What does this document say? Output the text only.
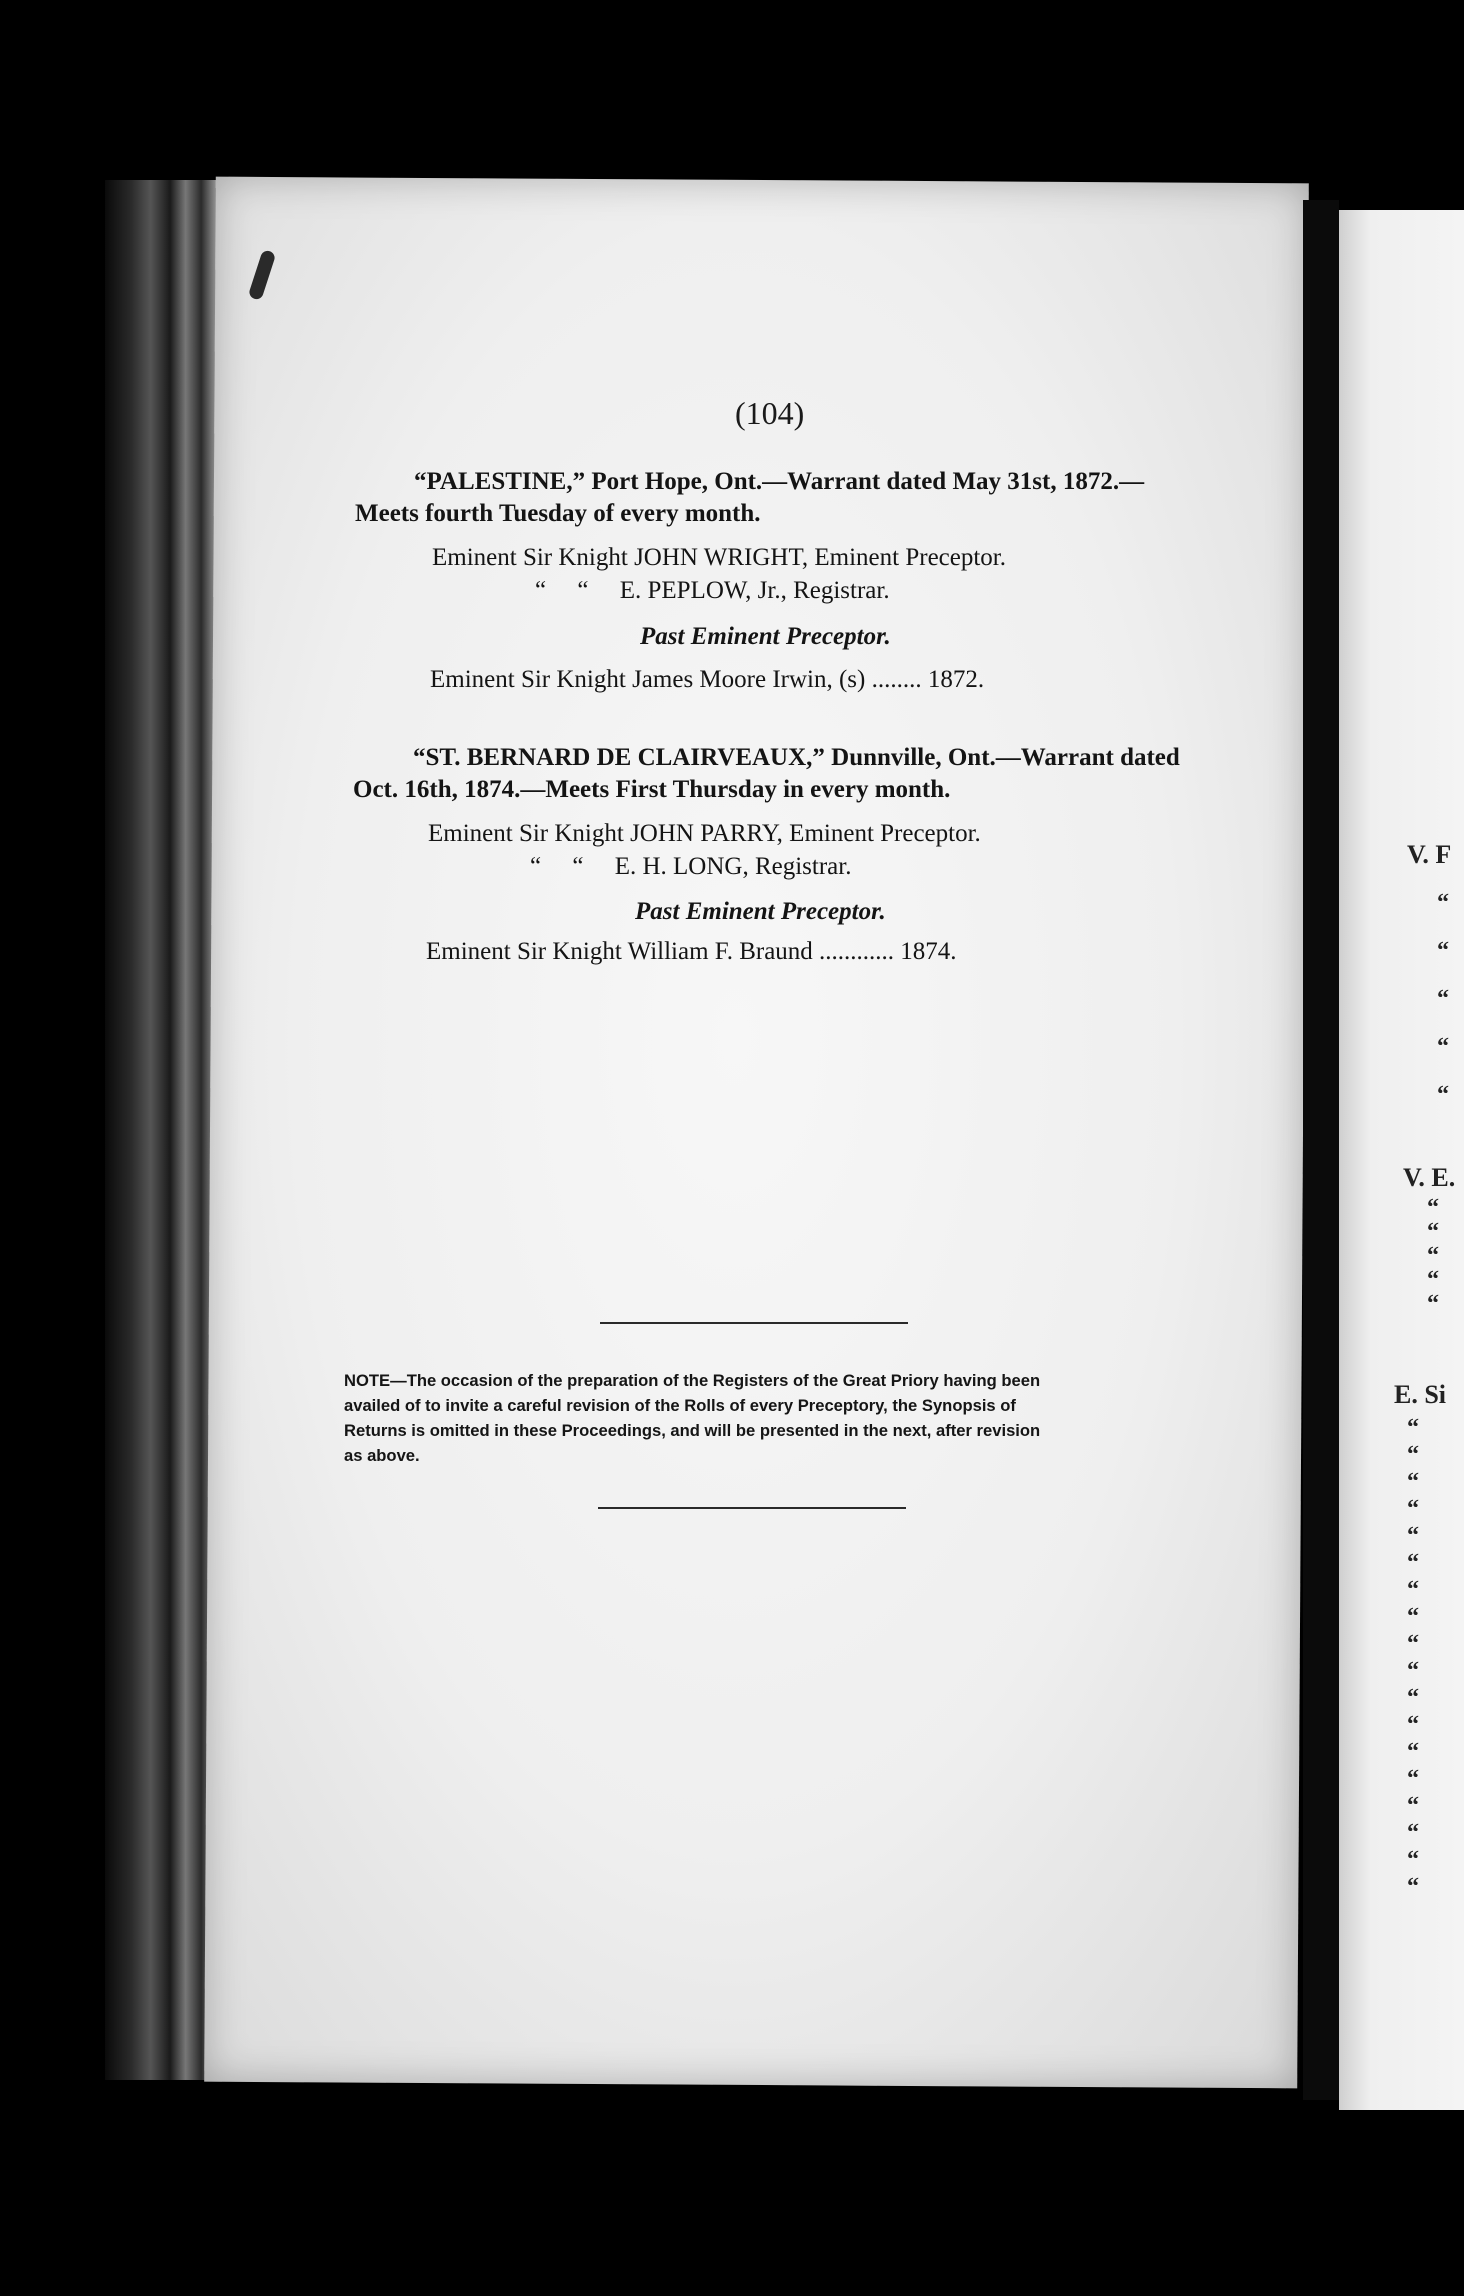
V. F
V. E.
E. Si
“
“
“
“
“
“
“
“
“
“
“
“
“
“
“
“
“
“
“
“
“
“
“
“
“
“
“
“
(104)
“PALESTINE,” Port Hope, Ont.—Warrant dated May 31st, 1872.—
Meets fourth Tuesday of every month.
Eminent Sir Knight JOHN WRIGHT, Eminent Preceptor.
“     “     E. PEPLOW, Jr., Registrar.
Past Eminent Preceptor.
Eminent Sir Knight James Moore Irwin, (s) ........ 1872.
“ST. BERNARD DE CLAIRVEAUX,” Dunnville, Ont.—Warrant dated
Oct. 16th, 1874.—Meets First Thursday in every month.
Eminent Sir Knight JOHN PARRY, Eminent Preceptor.
“     “     E. H. LONG, Registrar.
Past Eminent Preceptor.
Eminent Sir Knight William F. Braund ............ 1874.
NOTE—The occasion of the preparation of the Registers of the Great Priory having been
availed of to invite a careful revision of the Rolls of every Preceptory, the Synopsis of
Returns is omitted in these Proceedings, and will be presented in the next, after revision
as above.
